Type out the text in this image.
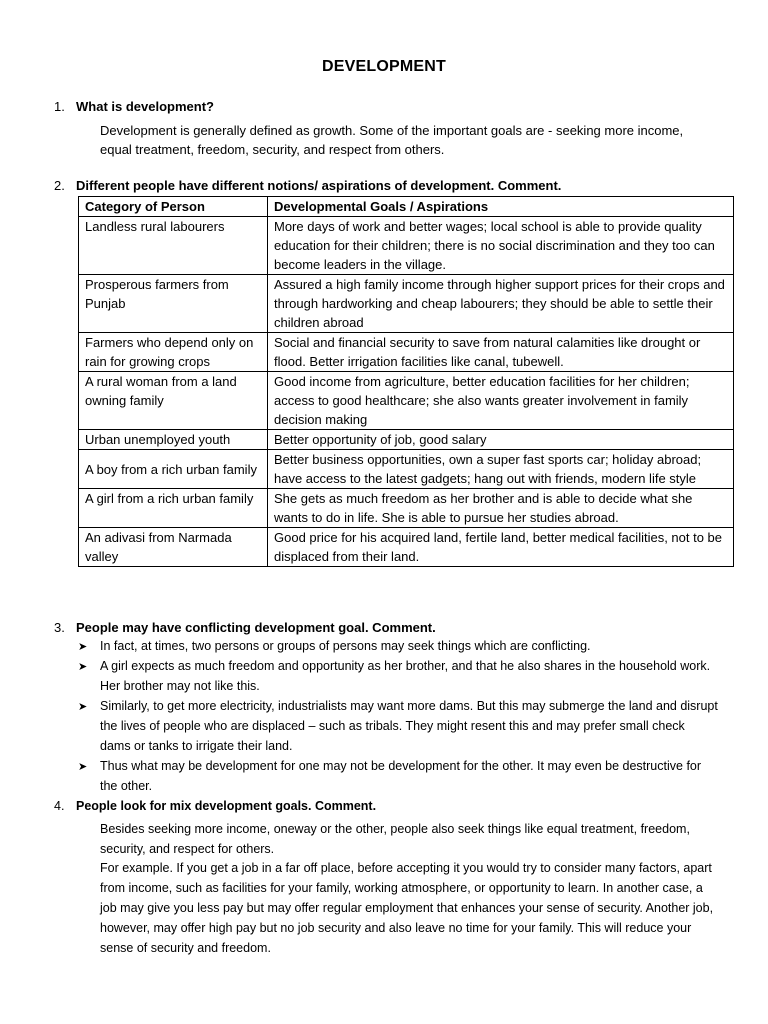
DEVELOPMENT
1. What is development?
Development is generally defined as growth. Some of the important goals are - seeking more income, equal treatment, freedom, security, and respect from others.
2. Different people have different notions/ aspirations of development. Comment.
Category of Person	Developmental Goals / Aspirations
Landless rural labourers	More days of work and better wages; local school is able to provide quality education for their children; there is no social discrimination and they too can become leaders in the village.
Prosperous farmers from Punjab	Assured a high family income through higher support prices for their crops and through hardworking and cheap labourers; they should be able to settle their children abroad
Farmers who depend only on rain for growing crops	Social and financial security to save from natural calamities like drought or flood. Better irrigation facilities like canal, tubewell.
A rural woman from a land owning family	Good income from agriculture, better education facilities for her children; access to good healthcare; she also wants greater involvement in family decision making
Urban unemployed youth	Better opportunity of job, good salary
A boy from a rich urban family	Better business opportunities, own a super fast sports car; holiday abroad; have access to the latest gadgets; hang out with friends, modern life style
A girl from a rich urban family	She gets as much freedom as her brother and is able to decide what she wants to do in life. She is able to pursue her studies abroad.
An adivasi from Narmada valley	Good price for his acquired land, fertile land, better medical facilities, not to be displaced from their land.
3. People may have conflicting development goal. Comment.
➤ In fact, at times, two persons or groups of persons may seek things which are conflicting.
➤ A girl expects as much freedom and opportunity as her brother, and that he also shares in the household work. Her brother may not like this.
➤ Similarly, to get more electricity, industrialists may want more dams. But this may submerge the land and disrupt the lives of people who are displaced – such as tribals. They might resent this and may prefer small check dams or tanks to irrigate their land.
➤ Thus what may be development for one may not be development for the other. It may even be destructive for the other.
4. People look for mix development goals. Comment.
Besides seeking more income, oneway or the other, people also seek things like equal treatment, freedom, security, and respect for others.
For example. If you get a job in a far off place, before accepting it you would try to consider many factors, apart from income, such as facilities for your family, working atmosphere, or opportunity to learn. In another case, a job may give you less pay but may offer regular employment that enhances your sense of security. Another job, however, may offer high pay but no job security and also leave no time for your family. This will reduce your sense of security and freedom.
